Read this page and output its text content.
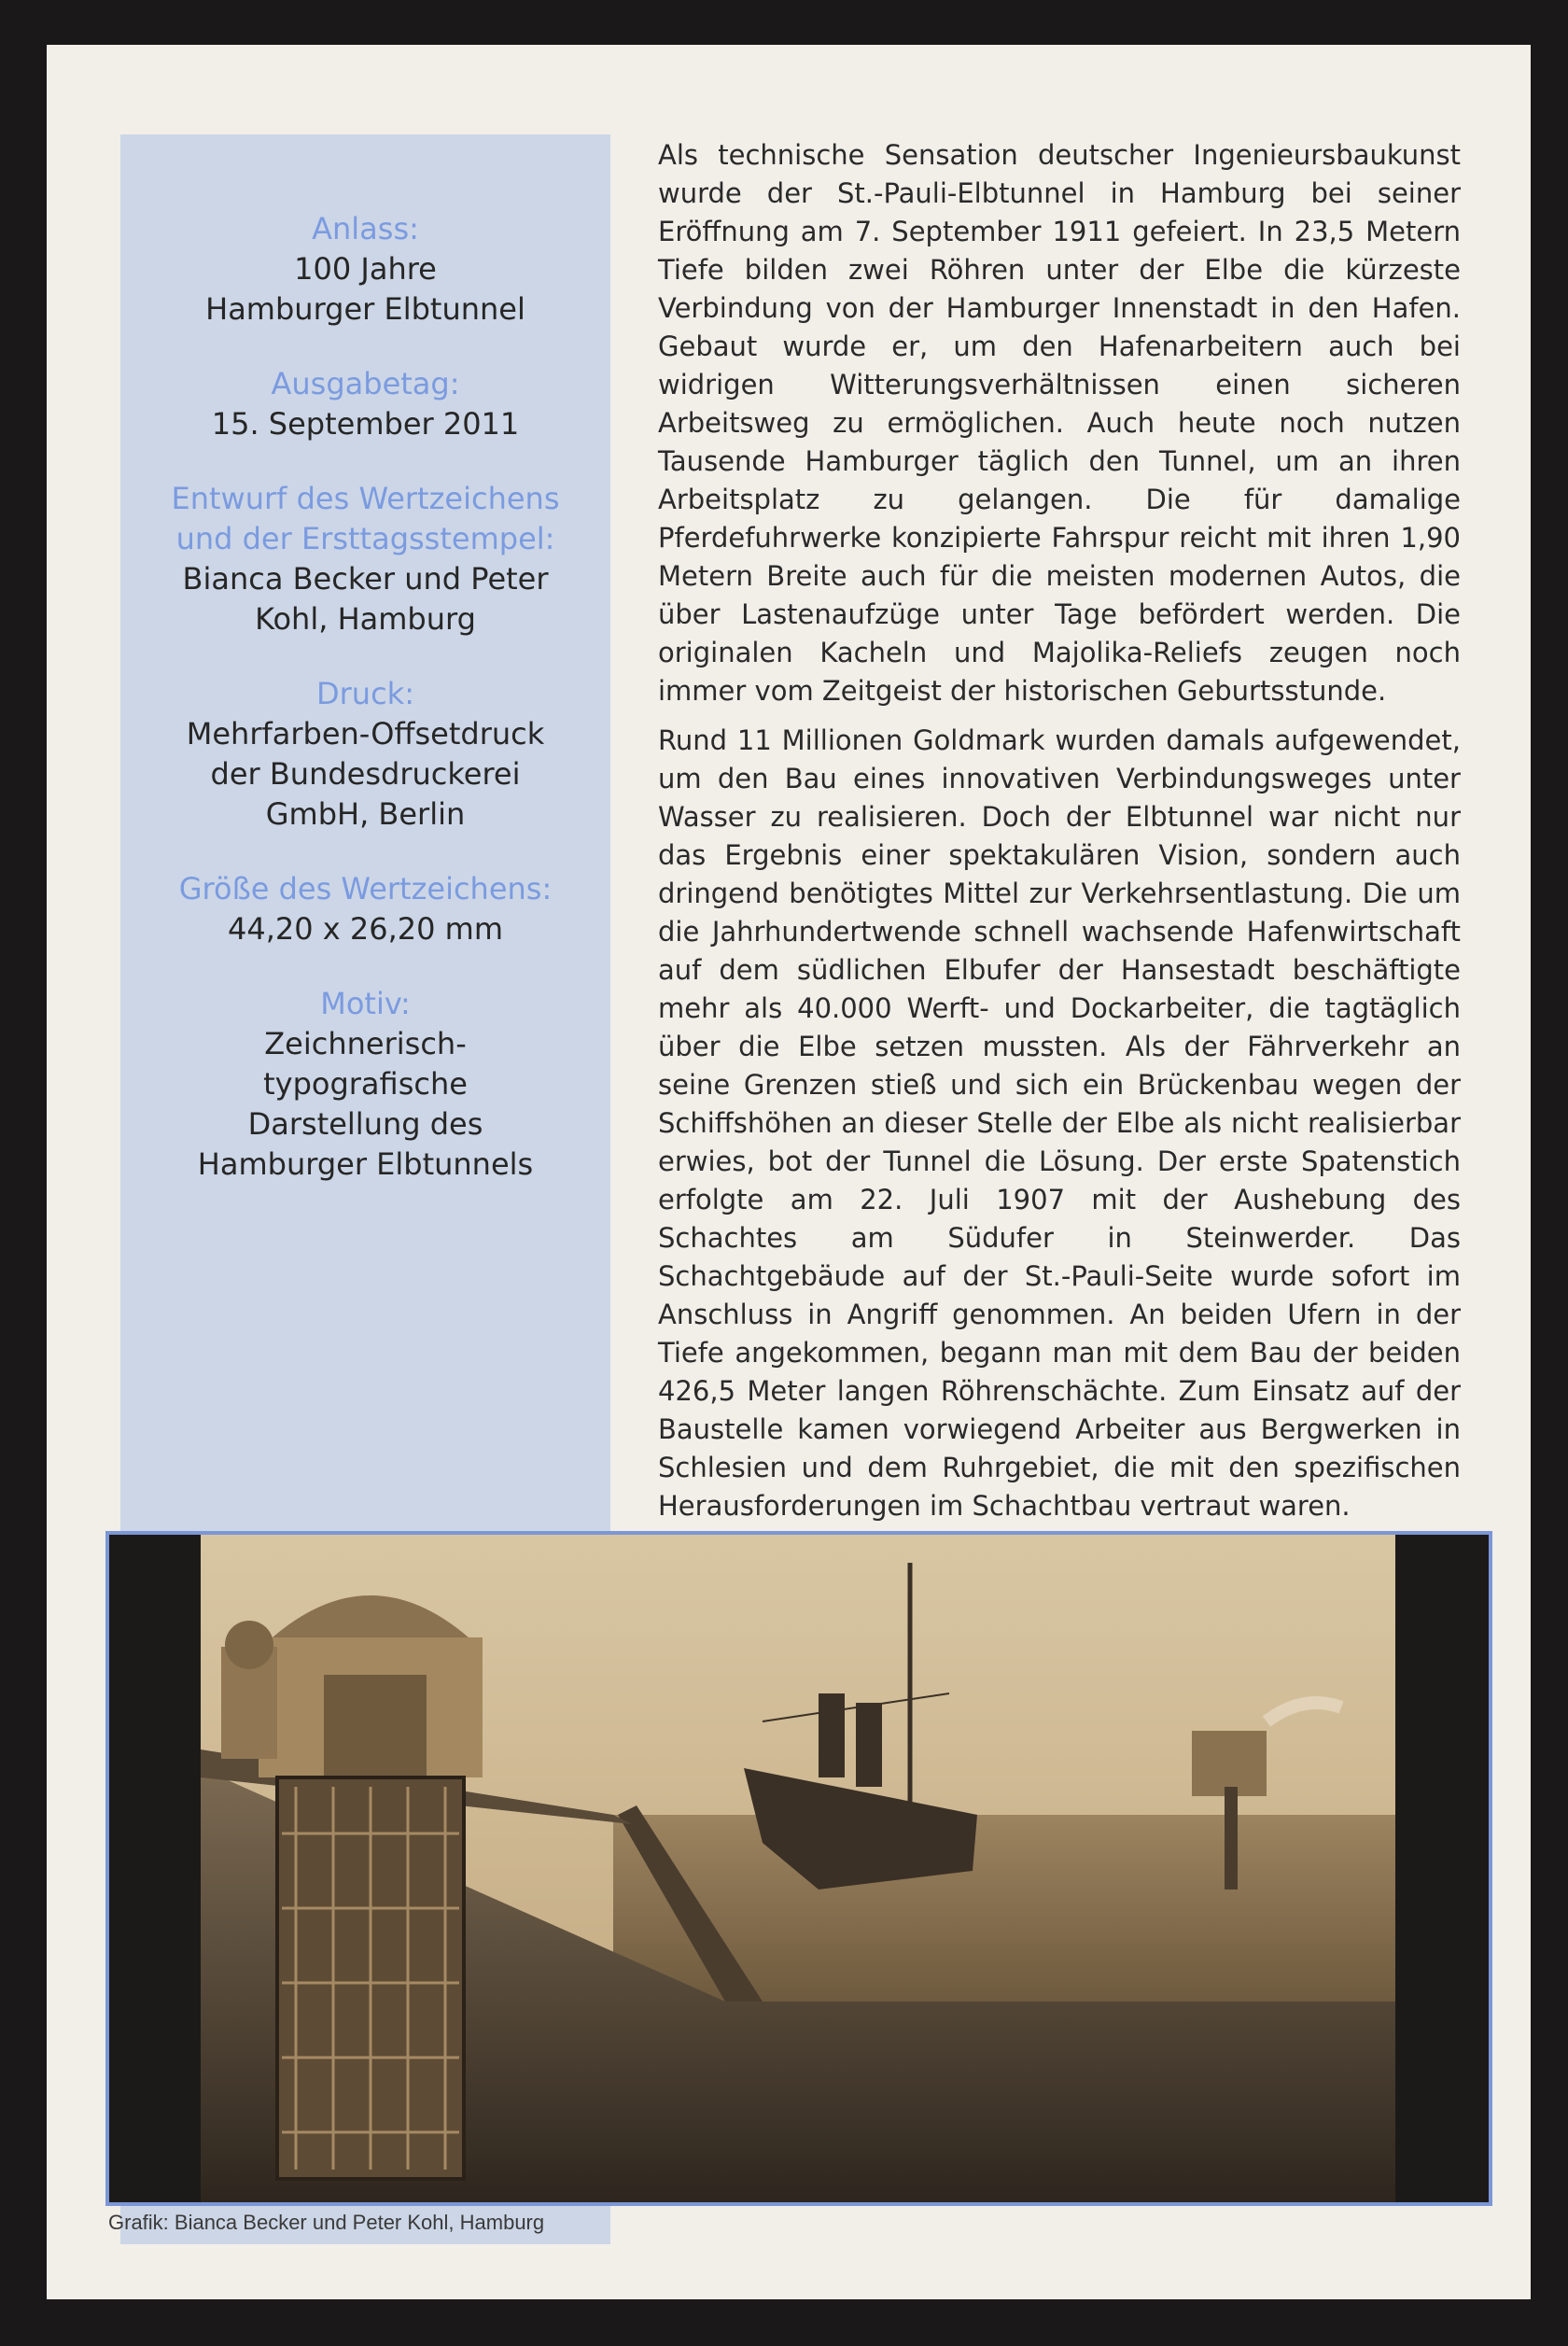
Anlass:
100 Jahre
Hamburger Elbtunnel
Ausgabetag:
15. September 2011
Entwurf des Wertzeichens und der Ersttagsstempel:
Bianca Becker und Peter Kohl, Hamburg
Druck:
Mehrfarben-Offsetdruck der Bundesdruckerei GmbH, Berlin
Größe des Wertzeichens:
44,20 x 26,20 mm
Motiv:
Zeichnerisch-typografische Darstellung des Hamburger Elbtunnels

Als technische Sensation deutscher Ingenieursbaukunst wurde der St.-Pauli-Elbtunnel in Hamburg bei seiner Eröffnung am 7. September 1911 gefeiert. In 23,5 Metern Tiefe bilden zwei Röhren unter der Elbe die kürzeste Verbindung von der Hamburger Innenstadt in den Hafen. Gebaut wurde er, um den Hafenarbeitern auch bei widrigen Witterungsverhältnissen einen sicheren Arbeitsweg zu ermöglichen. Auch heute noch nutzen Tausende Hamburger täglich den Tunnel, um an ihren Arbeitsplatz zu gelangen. Die für damalige Pferdefuhrwerke konzipierte Fahrspur reicht mit ihren 1,90 Metern Breite auch für die meisten modernen Autos, die über Lastenaufzüge unter Tage befördert werden. Die originalen Kacheln und Majolika-Reliefs zeugen noch immer vom Zeitgeist der historischen Geburtsstunde.

Rund 11 Millionen Goldmark wurden damals aufgewendet, um den Bau eines innovativen Verbindungsweges unter Wasser zu realisieren. Doch der Elbtunnel war nicht nur das Ergebnis einer spektakulären Vision, sondern auch dringend benötigtes Mittel zur Verkehrsentlastung. Die um die Jahrhundertwende schnell wachsende Hafenwirtschaft auf dem südlichen Elbufer der Hansestadt beschäftigte mehr als 40.000 Werft- und Dockarbeiter, die tagtäglich über die Elbe setzen mussten. Als der Fährverkehr an seine Grenzen stieß und sich ein Brückenbau wegen der Schiffshöhen an dieser Stelle der Elbe als nicht realisierbar erwies, bot der Tunnel die Lösung. Der erste Spatenstich erfolgte am 22. Juli 1907 mit der Aushebung des Schachtes am Südufer in Steinwerder. Das Schachtgebäude auf der St.-Pauli-Seite wurde sofort im Anschluss in Angriff genommen. An beiden Ufern in der Tiefe angekommen, begann man mit dem Bau der beiden 426,5 Meter langen Röhrenschächte. Zum Einsatz auf der Baustelle kamen vorwiegend Arbeiter aus Bergwerken in Schlesien und dem Ruhrgebiet, die mit den spezifischen Herausforderungen im Schachtbau vertraut waren.

Grafik: Bianca Becker und Peter Kohl, Hamburg
